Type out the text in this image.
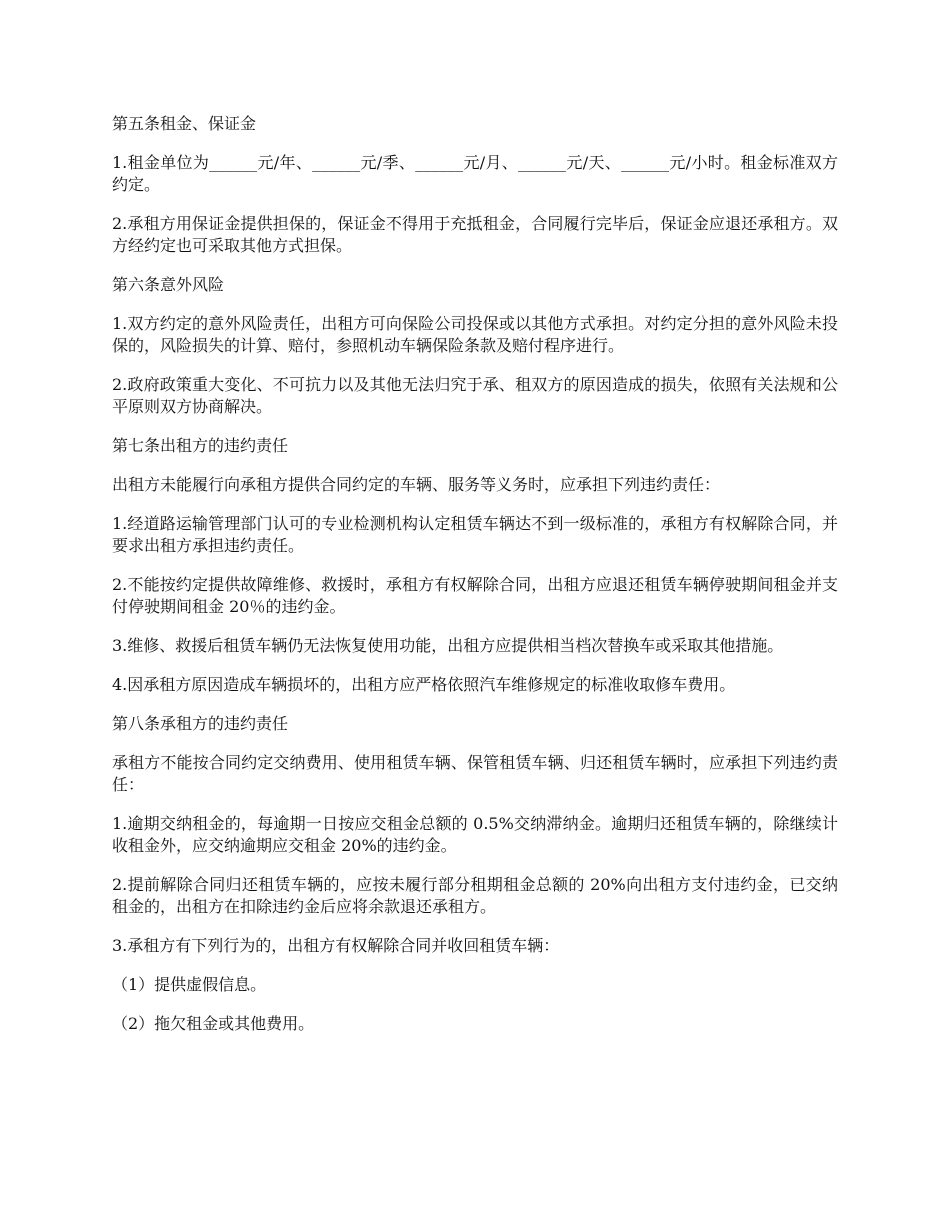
第五条租金、保证金

1.租金单位为______元/年、______元/季、______元/月、______元/天、______元/小时。租金标准双方约定。

2.承租方用保证金提供担保的，保证金不得用于充抵租金，合同履行完毕后，保证金应退还承租方。双方经约定也可采取其他方式担保。

第六条意外风险

1.双方约定的意外风险责任，出租方可向保险公司投保或以其他方式承担。对约定分担的意外风险未投保的，风险损失的计算、赔付，参照机动车辆保险条款及赔付程序进行。

2.政府政策重大变化、不可抗力以及其他无法归究于承、租双方的原因造成的损失，依照有关法规和公平原则双方协商解决。

第七条出租方的违约责任

出租方未能履行向承租方提供合同约定的车辆、服务等义务时，应承担下列违约责任：

1.经道路运输管理部门认可的专业检测机构认定租赁车辆达不到一级标准的，承租方有权解除合同，并要求出租方承担违约责任。

2.不能按约定提供故障维修、救援时，承租方有权解除合同，出租方应退还租赁车辆停驶期间租金并支付停驶期间租金 20％的违约金。

3.维修、救援后租赁车辆仍无法恢复使用功能，出租方应提供相当档次替换车或采取其他措施。

4.因承租方原因造成车辆损坏的，出租方应严格依照汽车维修规定的标准收取修车费用。

第八条承租方的违约责任

承租方不能按合同约定交纳费用、使用租赁车辆、保管租赁车辆、归还租赁车辆时，应承担下列违约责任：

1.逾期交纳租金的，每逾期一日按应交租金总额的 0.5%交纳滞纳金。逾期归还租赁车辆的，除继续计收租金外，应交纳逾期应交租金 20%的违约金。

2.提前解除合同归还租赁车辆的，应按未履行部分租期租金总额的 20%向出租方支付违约金，已交纳租金的，出租方在扣除违约金后应将余款退还承租方。

3.承租方有下列行为的，出租方有权解除合同并收回租赁车辆：

（1）提供虚假信息。

（2）拖欠租金或其他费用。
